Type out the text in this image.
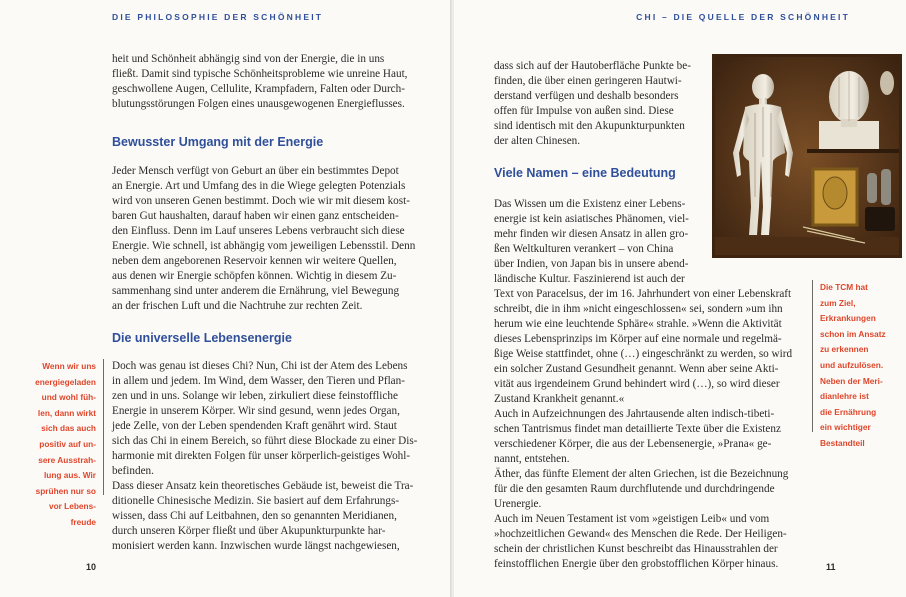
DIE PHILOSOPHIE DER SCHÖNHEIT

heit und Schönheit abhängig sind von der Energie, die in uns

fließt. Damit sind typische Schönheitsprobleme wie unreine Haut,

geschwollene Augen, Cellulite, Krampfadern, Falten oder Durch-

blutungsstörungen Folgen eines unausgewogenen Energieflusses.

Bewusster Umgang mit der Energie

Jeder Mensch verfügt von Geburt an über ein bestimmtes Depot

an Energie. Art und Umfang des in die Wiege gelegten Potenzials

wird von unseren Genen bestimmt. Doch wie wir mit diesem kost-

baren Gut haushalten, darauf haben wir einen ganz entscheiden-

den Einfluss. Denn im Lauf unseres Lebens verbraucht sich diese

Energie. Wie schnell, ist abhängig vom jeweiligen Lebensstil. Denn

neben dem angeborenen Reservoir kennen wir weitere Quellen,

aus denen wir Energie schöpfen können. Wichtig in diesem Zu-

sammenhang sind unter anderem die Ernährung, viel Bewegung

an der frischen Luft und die Nachtruhe zur rechten Zeit.

Die universelle Lebensenergie
Wenn wir uns
energiegeladen
und wohl füh-
len, dann wirkt
sich das auch
positiv auf un-
sere Ausstrah-
lung aus. Wir
sprühen nur so
vor Lebens-
freude

Doch was genau ist dieses Chi? Nun, Chi ist der Atem des Lebens

in allem und jedem. Im Wind, dem Wasser, den Tieren und Pflan-

zen und in uns. Solange wir leben, zirkuliert diese feinstoffliche

Energie in unserem Körper. Wir sind gesund, wenn jedes Organ,

jede Zelle, von der Leben spendenden Kraft genährt wird. Staut

sich das Chi in einem Bereich, so führt diese Blockade zu einer Dis-

harmonie mit direkten Folgen für unser körperlich-geistiges Wohl-

befinden.

Dass dieser Ansatz kein theoretisches Gebäude ist, beweist die Tra-

ditionelle Chinesische Medizin. Sie basiert auf dem Erfahrungs-

wissen, dass Chi auf Leitbahnen, den so genannten Meridianen,

durch unseren Körper fließt und über Akupunkturpunkte har-

monisiert werden kann. Inzwischen wurde längst nachgewiesen,

10
CHI – DIE QUELLE DER SCHÖNHEIT

dass sich auf der Hautoberfläche Punkte be-

finden, die über einen geringeren Hautwi-

derstand verfügen und deshalb besonders

offen für Impulse von außen sind. Diese

sind identisch mit den Akupunkturpunkten

der alten Chinesen.

Viele Namen – eine Bedeutung

Das Wissen um die Existenz einer Lebens-

energie ist kein asiatisches Phänomen, viel-

mehr finden wir diesen Ansatz in allen gro-

ßen Weltkulturen verankert – von China

über Indien, von Japan bis in unsere abend-

ländische Kultur. Faszinierend ist auch der

Text von Paracelsus, der im 16. Jahrhundert von einer Lebenskraft

schreibt, die in ihm »nicht eingeschlossen« sei, sondern »um ihn

herum wie eine leuchtende Sphäre« strahle. »Wenn die Aktivität

dieses Lebensprinzips im Körper auf eine normale und regelmä-

ßige Weise stattfindet, ohne (…) eingeschränkt zu werden, so wird

ein solcher Zustand Gesundheit genannt. Wenn aber seine Akti-

vität aus irgendeinem Grund behindert wird (…), so wird dieser

Zustand Krankheit genannt.«

Auch in Aufzeichnungen des Jahrtausende alten indisch-tibeti-

schen Tantrismus findet man detaillierte Texte über die Existenz

verschiedener Körper, die aus der Lebensenergie, »Prana« ge-

nannt, entstehen.

Äther, das fünfte Element der alten Griechen, ist die Bezeichnung

für die den gesamten Raum durchflutende und durchdringende

Urenergie.

Auch im Neuen Testament ist vom »geistigen Leib« und vom

»hochzeitlichen Gewand« des Menschen die Rede. Der Heiligen-

schein der christlichen Kunst beschreibt das Hinausstrahlen der

feinstofflichen Energie über den grobstofflichen Körper hinaus.

Die TCM hat
zum Ziel,
Erkrankungen
schon im Ansatz
zu erkennen
und aufzulösen.
Neben der Meri-
dianlehre ist
die Ernährung
ein wichtiger
Bestandteil
11
